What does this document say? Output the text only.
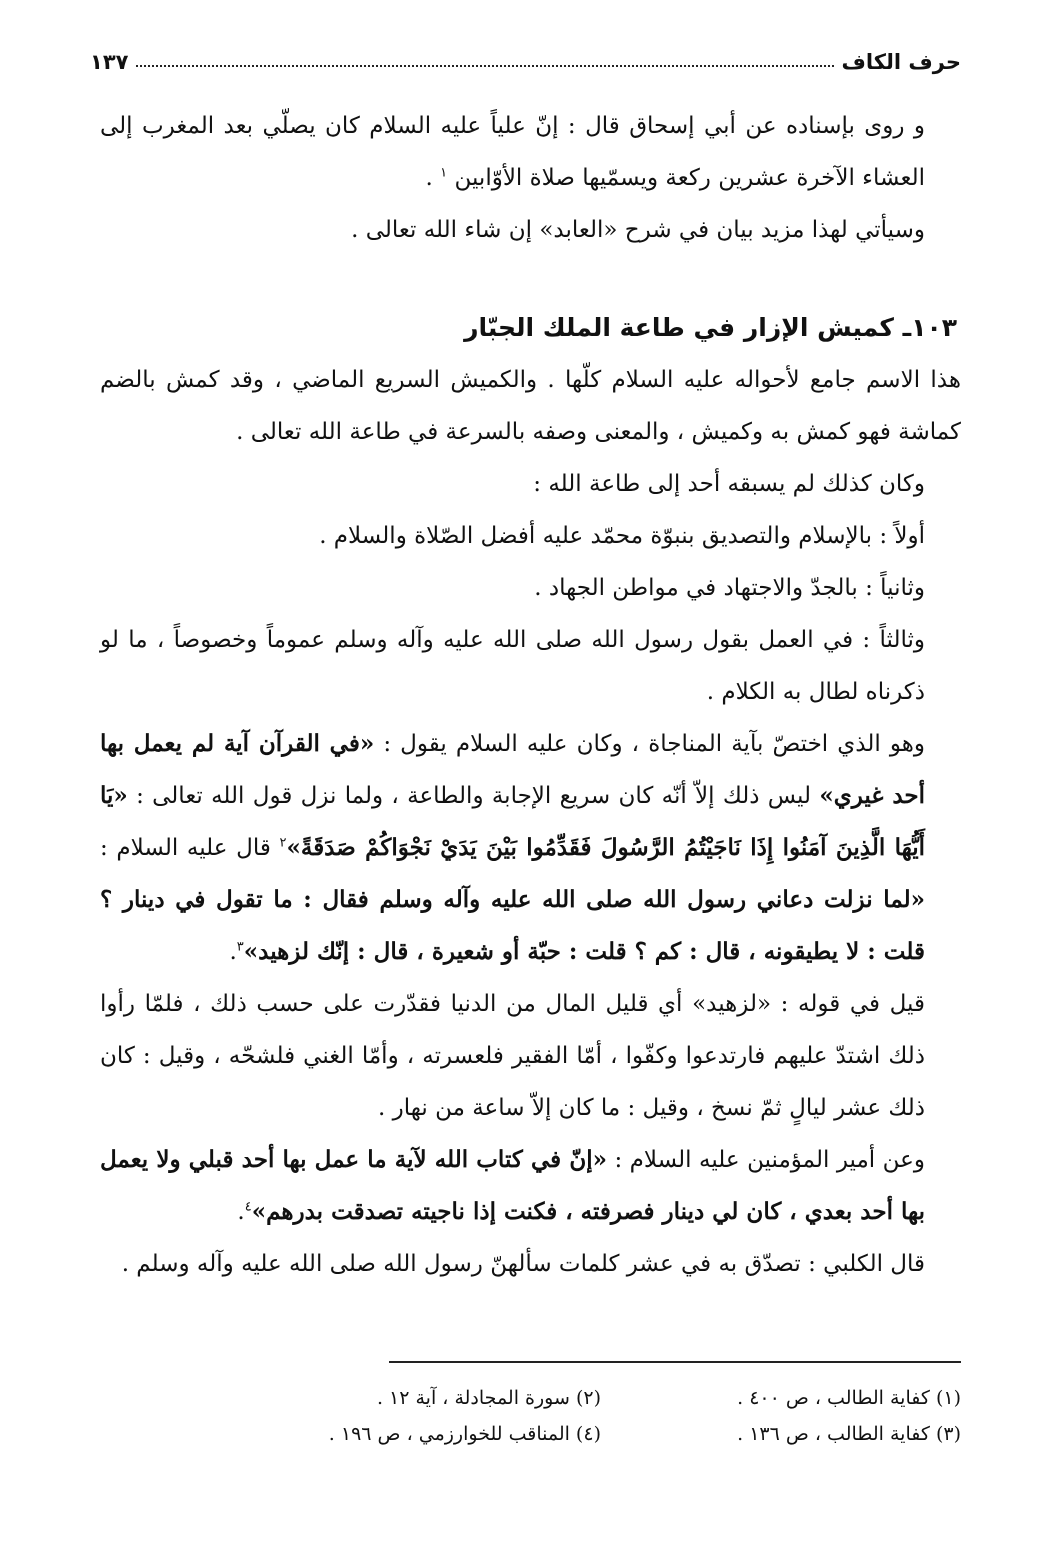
حرف الكاف
١٣٧

و روى بإسناده عن أبي إسحاق قال : إنّ علياً عليه السلام كان يصلّي بعد المغرب إلى العشاء الآخرة عشرين ركعة ويسمّيها صلاة الأوّابين $^١$ .

وسيأتي لهذا مزيد بيان في شرح «العابد» إن شاء الله تعالى .

١٠٣ـ كميش الإزار في طاعة الملك الجبّار

هذا الاسم جامع لأحواله عليه السلام كلّها . والكميش السريع الماضي ، وقد كمش بالضم كماشة فهو كمش به وكميش ، والمعنى وصفه بالسرعة في طاعة الله تعالى .

وكان كذلك لم يسبقه أحد إلى طاعة الله :

أولاً : بالإسلام والتصديق بنبوّة محمّد عليه أفضل الصّلاة والسلام .

وثانياً : بالجدّ والاجتهاد في مواطن الجهاد .

وثالثاً : في العمل بقول رسول الله صلى الله عليه وآله وسلم عموماً وخصوصاً ، ما لو ذكرناه لطال به الكلام .

وهو الذي اختصّ بآية المناجاة ، وكان عليه السلام يقول : «في القرآن آية لم يعمل بها أحد غيري» ليس ذلك إلاّ أنّه كان سريع الإجابة والطاعة ، ولما نزل قول الله تعالى : «يَا أَيُّهَا الَّذِينَ آمَنُوا إِذَا نَاجَيْتُمُ الرَّسُولَ فَقَدِّمُوا بَيْنَ يَدَيْ نَجْوَاكُمْ صَدَقَةً»$^٢$ قال عليه السلام : «لما نزلت دعاني رسول الله صلى الله عليه وآله وسلم فقال : ما تقول في دينار ؟ قلت : لا يطيقونه ، قال : كم ؟ قلت : حبّة أو شعيرة ، قال : إنّك لزهيد»$^٣$.

قيل في قوله : «لزهيد» أي قليل المال من الدنيا فقدّرت على حسب ذلك ، فلمّا رأوا ذلك اشتدّ عليهم فارتدعوا وكفّوا ، أمّا الفقير فلعسرته ، وأمّا الغني فلشحّه ، وقيل : كان ذلك عشر ليالٍ ثمّ نسخ ، وقيل : ما كان إلاّ ساعة من نهار .

وعن أمير المؤمنين عليه السلام : «إنّ في كتاب الله لآية ما عمل بها أحد قبلي ولا يعمل بها أحد بعدي ، كان لي دينار فصرفته ، فكنت إذا ناجيته تصدقت بدرهم»$^٤$.

قال الكلبي : تصدّق به في عشر كلمات سألهنّ رسول الله صلى الله عليه وآله وسلم .

(١) كفاية الطالب ، ص ٤٠٠ .
(٢) سورة المجادلة ، آية ١٢ .
(٣) كفاية الطالب ، ص ١٣٦ .
(٤) المناقب للخوارزمي ، ص ١٩٦ .
